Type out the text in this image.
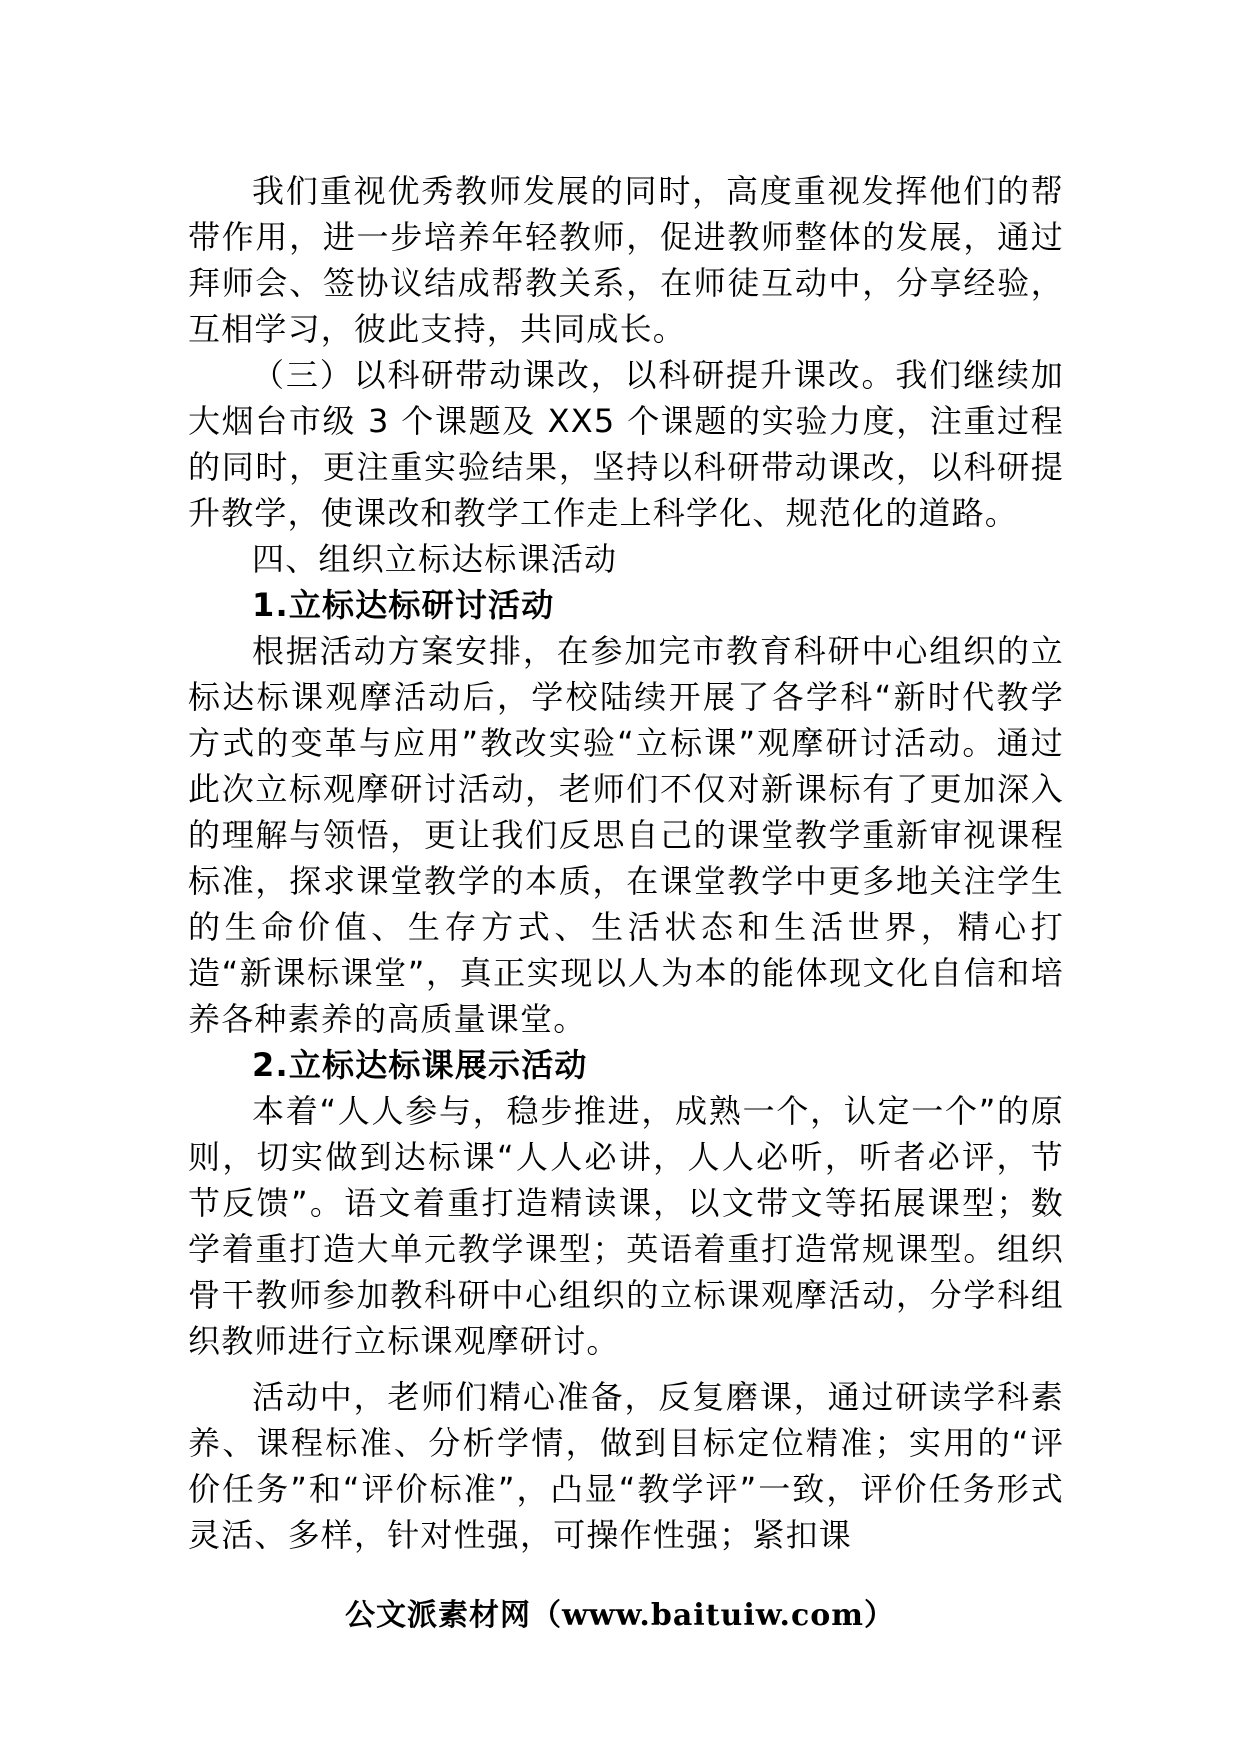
我们重视优秀教师发展的同时，高度重视发挥他们的帮带作用，进一步培养年轻教师，促进教师整体的发展，通过拜师会、签协议结成帮教关系，在师徒互动中，分享经验，互相学习，彼此支持，共同成长。

（三）以科研带动课改，以科研提升课改。我们继续加大烟台市级 3 个课题及 XX5 个课题的实验力度，注重过程的同时，更注重实验结果，坚持以科研带动课改，以科研提升教学，使课改和教学工作走上科学化、规范化的道路。

四、组织立标达标课活动

1.立标达标研讨活动

根据活动方案安排，在参加完市教育科研中心组织的立标达标课观摩活动后，学校陆续开展了各学科“新时代教学方式的变革与应用”教改实验“立标课”观摩研讨活动。通过此次立标观摩研讨活动，老师们不仅对新课标有了更加深入的理解与领悟，更让我们反思自己的课堂教学重新审视课程标准，探求课堂教学的本质，在课堂教学中更多地关注学生的生命价值、生存方式、生活状态和生活世界，精心打造“新课标课堂”，真正实现以人为本的能体现文化自信和培养各种素养的高质量课堂。

2.立标达标课展示活动

本着“人人参与，稳步推进，成熟一个，认定一个”的原则，切实做到达标课“人人必讲，人人必听，听者必评，节节反馈”。语文着重打造精读课，以文带文等拓展课型；数学着重打造大单元教学课型；英语着重打造常规课型。组织骨干教师参加教科研中心组织的立标课观摩活动，分学科组织教师进行立标课观摩研讨。

活动中，老师们精心准备，反复磨课，通过研读学科素养、课程标准、分析学情，做到目标定位精准；实用的“评价任务”和“评价标准”，凸显“教学评”一致，评价任务形式灵活、多样，针对性强，可操作性强；紧扣课

公文派素材网（www.baituiw.com）
